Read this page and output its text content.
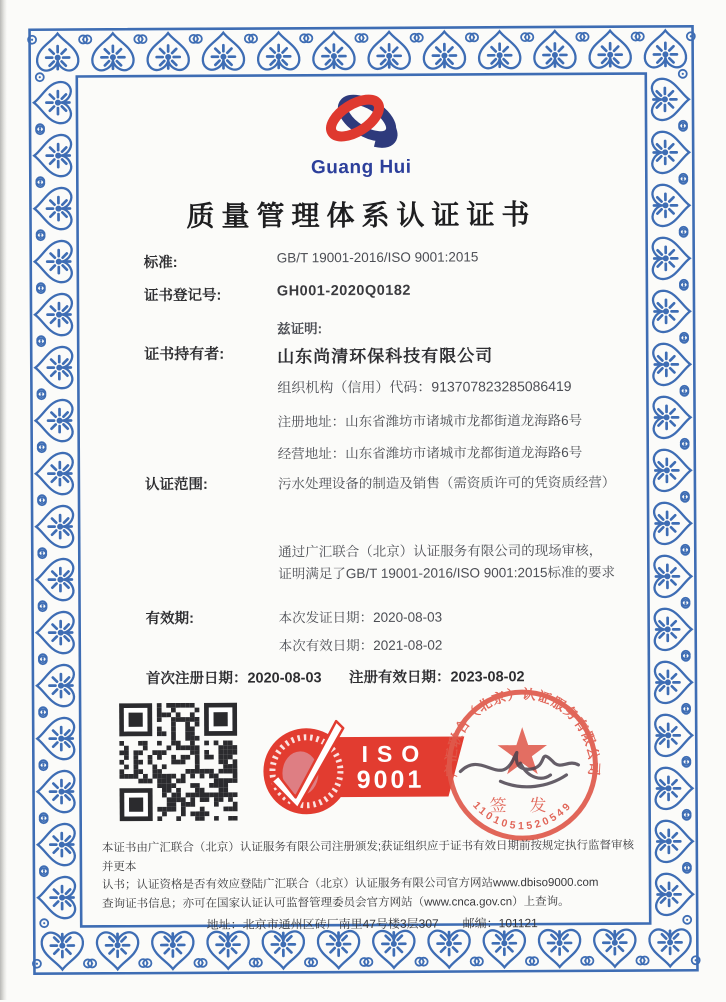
Guang Hui
质量管理体系认证证书
标准:	GB/T 19001-2016/ISO 9001:2015
证书登记号:	GH001-2020Q0182
兹证明:
证书持有者:	山东尚清环保科技有限公司
组织机构（信用）代码：913707823285086419
注册地址：山东省潍坊市诸城市龙都街道龙海路6号
经营地址：山东省潍坊市诸城市龙都街道龙海路6号
认证范围:	污水处理设备的制造及销售（需资质许可的凭资质经营）
通过广汇联合（北京）认证服务有限公司的现场审核，
证明满足了GB/T 19001-2016/ISO 9001:2015标准的要求
有效期:	本次发证日期：2020-08-03
本次有效日期：2021-08-02
首次注册日期：2020-08-03 注册有效日期：2023-08-02
ISO
9001	广汇联合（北京）认证服务有限公司
1101051520549
签 发
本证书由广汇联合（北京）认证服务有限公司注册颁发;获证组织应于证书有效日期前按规定执行监督审核并更本
认书；认证资格是否有效应登陆广汇联合（北京）认证服务有限公司官方网站www.dbiso9000.com
查询证书信息；亦可在国家认证认可监督管理委员会官方网站（www.cnca.gov.cn）上查询。
地址：北京市通州区砖厂南里47号楼3层307　　邮编：101121
